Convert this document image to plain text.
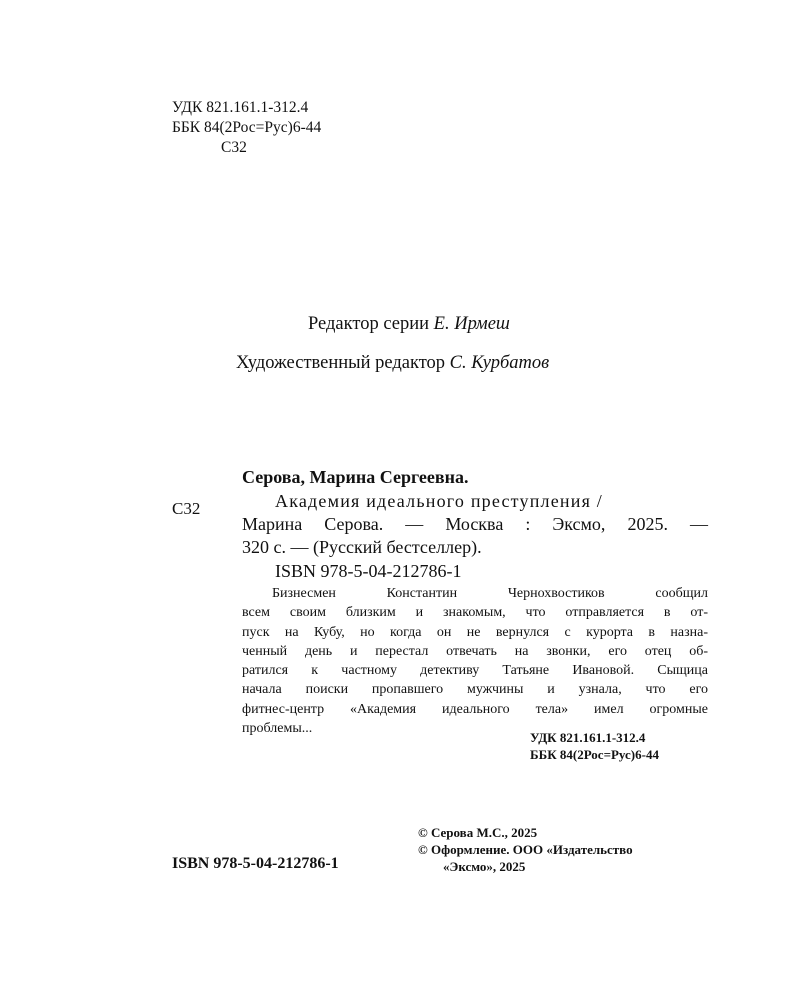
УДК 821.161.1-312.4
ББК 84(2Рос=Рус)6-44
С32
Редактор серии Е. Ирмеш
Художественный редактор С. Курбатов
С32
Серова, Марина Сергеевна.
Академия идеального преступления /
Марина Серова. — Москва : Эксмо, 2025. —
320 с. — (Русский бестселлер).
ISBN 978-5-04-212786-1
Бизнесмен Константин Чернохвостиков сообщил
всем своим близким и знакомым, что отправляется в от-
пуск на Кубу, но когда он не вернулся с курорта в назна-
ченный день и перестал отвечать на звонки, его отец об-
ратился к частному детективу Татьяне Ивановой. Сыщица
начала поиски пропавшего мужчины и узнала, что его
фитнес-центр «Академия идеального тела» имел огромные
проблемы...
УДК 821.161.1-312.4
ББК 84(2Рос=Рус)6-44
© Серова М.С., 2025
© Оформление. ООО «Издательство
«Эксмо», 2025
ISBN 978-5-04-212786-1
